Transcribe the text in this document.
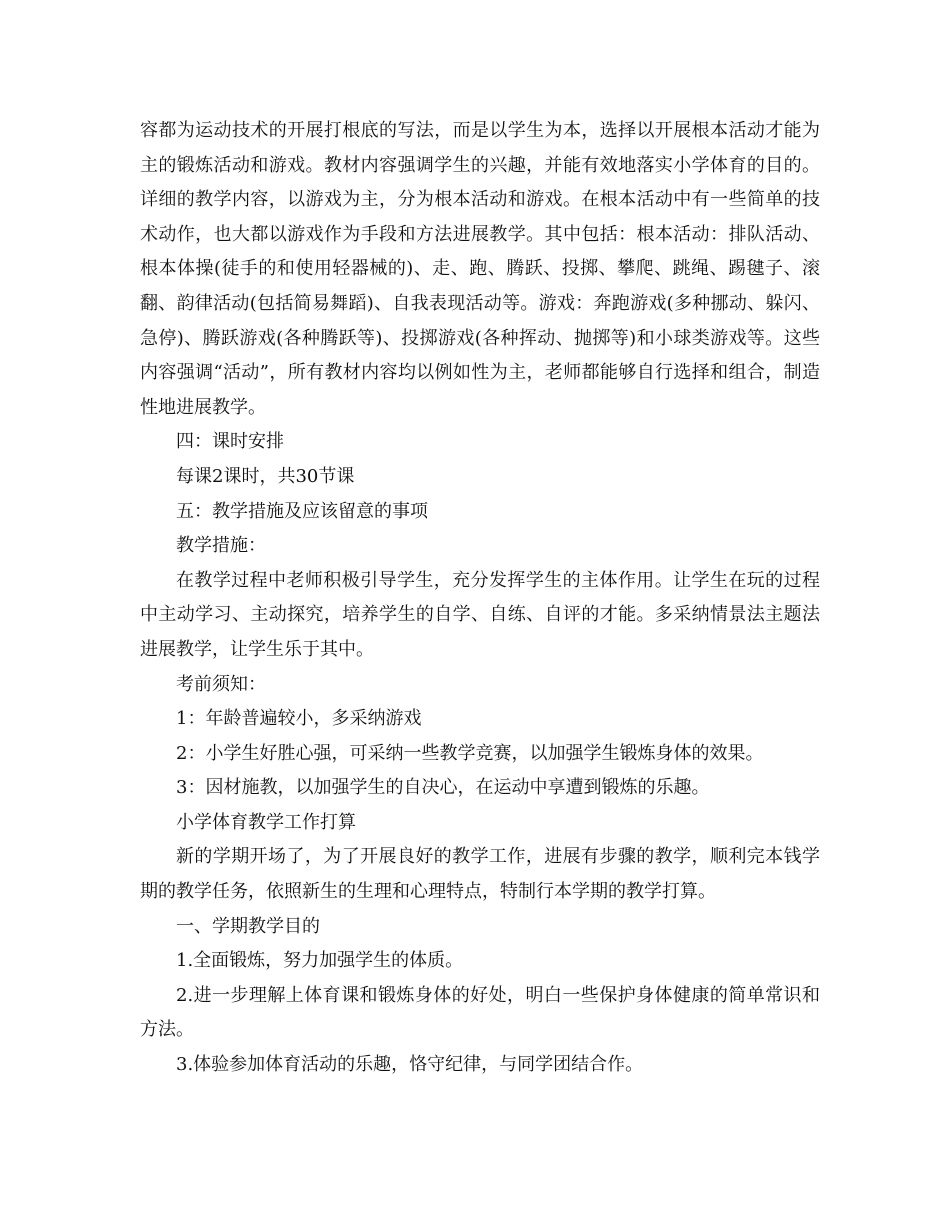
容都为运动技术的开展打根底的写法，而是以学生为本，选择以开展根本活动才能为主的锻炼活动和游戏。教材内容强调学生的兴趣，并能有效地落实小学体育的目的。详细的教学内容，以游戏为主，分为根本活动和游戏。在根本活动中有一些简单的技术动作，也大都以游戏作为手段和方法进展教学。其中包括：根本活动：排队活动、根本体操(徒手的和使用轻器械的)、走、跑、腾跃、投掷、攀爬、跳绳、踢毽子、滚翻、韵律活动(包括简易舞蹈)、自我表现活动等。游戏：奔跑游戏(多种挪动、躲闪、急停)、腾跃游戏(各种腾跃等)、投掷游戏(各种挥动、抛掷等)和小球类游戏等。这些内容强调“活动”，所有教材内容均以例如性为主，老师都能够自行选择和组合，制造性地进展教学。

四：课时安排

每课2课时，共30节课

五：教学措施及应该留意的事项

教学措施：

在教学过程中老师积极引导学生，充分发挥学生的主体作用。让学生在玩的过程中主动学习、主动探究，培养学生的自学、自练、自评的才能。多采纳情景法主题法进展教学，让学生乐于其中。

考前须知：

1：年龄普遍较小，多采纳游戏

2：小学生好胜心强，可采纳一些教学竞赛，以加强学生锻炼身体的效果。

3：因材施教，以加强学生的自决心，在运动中享遭到锻炼的乐趣。

小学体育教学工作打算

新的学期开场了，为了开展良好的教学工作，进展有步骤的教学，顺利完本钱学期的教学任务，依照新生的生理和心理特点，特制行本学期的教学打算。

一、学期教学目的

1.全面锻炼，努力加强学生的体质。

2.进一步理解上体育课和锻炼身体的好处，明白一些保护身体健康的简单常识和方法。

3.体验参加体育活动的乐趣，恪守纪律，与同学团结合作。
